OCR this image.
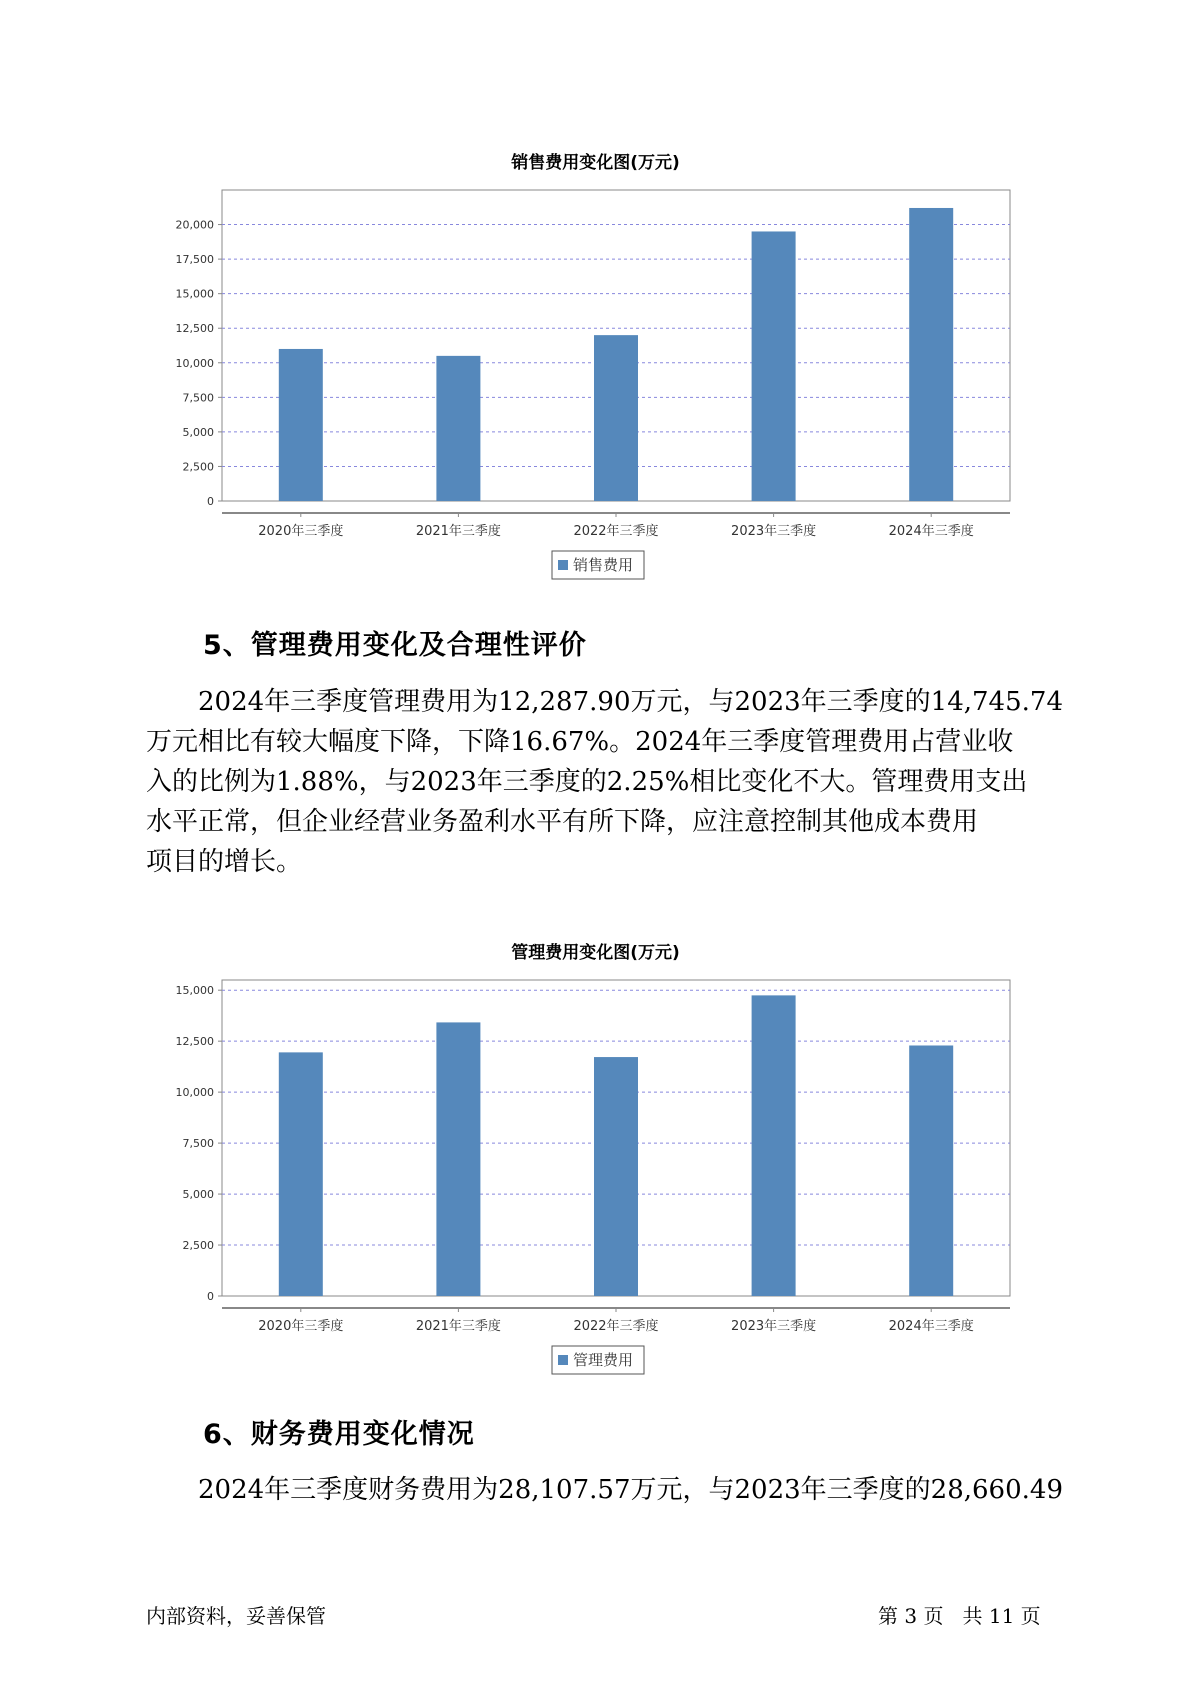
销售费用变化图(万元)
0
2,500
5,000
7,500
10,000
12,500
15,000
17,500
20,000
2020年三季度	2021年三季度	2022年三季度	2023年三季度	2024年三季度
销售费用
5、管理费用变化及合理性评价
2024年三季度管理费用为12,287.90万元，与2023年三季度的14,745.74
万元相比有较大幅度下降，下降16.67%。2024年三季度管理费用占营业收
入的比例为1.88%，与2023年三季度的2.25%相比变化不大。管理费用支出
水平正常，但企业经营业务盈利水平有所下降，应注意控制其他成本费用
项目的增长。
管理费用变化图(万元)
0
2,500
5,000
7,500
10,000
12,500
15,000
2020年三季度	2021年三季度	2022年三季度	2023年三季度	2024年三季度
管理费用
6、财务费用变化情况
2024年三季度财务费用为28,107.57万元，与2023年三季度的28,660.49
内部资料，妥善保管	第 3 页   共 11 页
